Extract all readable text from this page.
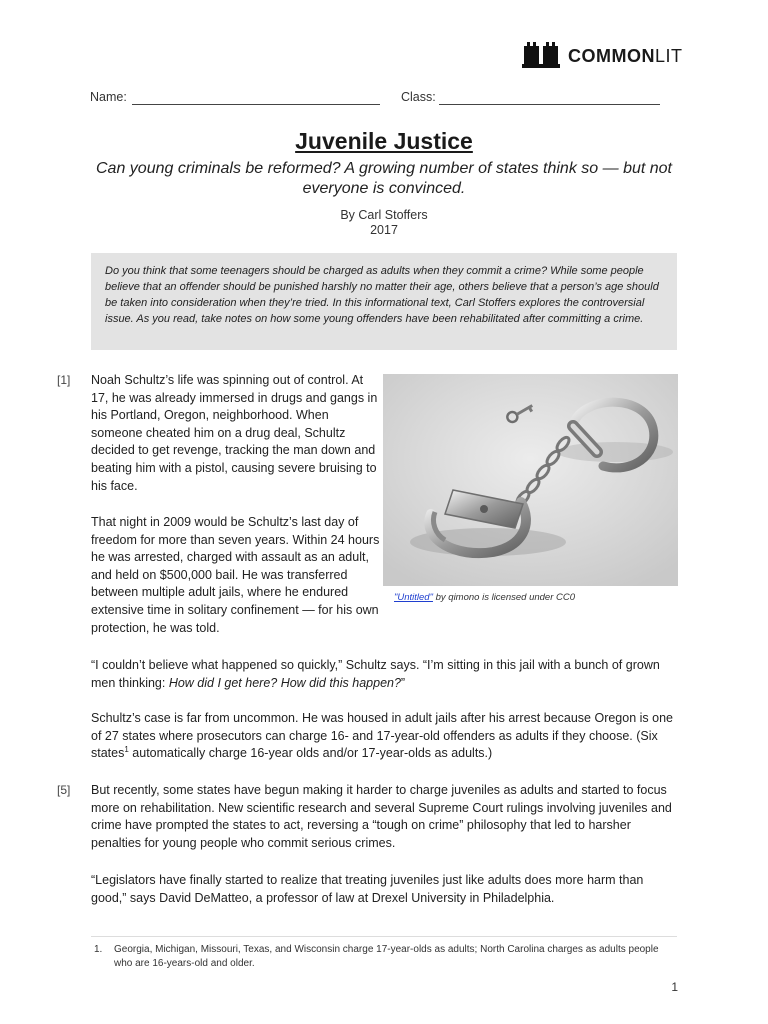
COMMONLIT
Name:	Class:
Juvenile Justice
Can young criminals be reformed? A growing number of states think so — but not everyone is convinced.
By Carl Stoffers
2017
Do you think that some teenagers should be charged as adults when they commit a crime? While some people believe that an offender should be punished harshly no matter their age, others believe that a person’s age should be taken into consideration when they’re tried. In this informational text, Carl Stoffers explores the controversial issue. As you read, take notes on how some young offenders have been rehabilitated after committing a crime.
[1] Noah Schultz’s life was spinning out of control. At 17, he was already immersed in drugs and gangs in his Portland, Oregon, neighborhood. When someone cheated him on a drug deal, Schultz decided to get revenge, tracking the man down and beating him with a pistol, causing severe bruising to his face.
That night in 2009 would be Schultz’s last day of freedom for more than seven years. Within 24 hours he was arrested, charged with assault as an adult, and held on $500,000 bail. He was transferred between multiple adult jails, where he endured extensive time in solitary confinement — for his own protection, he was told.
"Untitled" by qimono is licensed under CC0
“I couldn’t believe what happened so quickly,” Schultz says. “I’m sitting in this jail with a bunch of grown men thinking: How did I get here? How did this happen?”
Schultz’s case is far from uncommon. He was housed in adult jails after his arrest because Oregon is one of 27 states where prosecutors can charge 16- and 17-year-old offenders as adults if they choose. (Six states$^1$ automatically charge 16-year olds and/or 17-year-olds as adults.)
[5] But recently, some states have begun making it harder to charge juveniles as adults and started to focus more on rehabilitation. New scientific research and several Supreme Court rulings involving juveniles and crime have prompted the states to act, reversing a “tough on crime” philosophy that led to harsher penalties for young people who commit serious crimes.
“Legislators have finally started to realize that treating juveniles just like adults does more harm than good,” says David DeMatteo, a professor of law at Drexel University in Philadelphia.
1. Georgia, Michigan, Missouri, Texas, and Wisconsin charge 17-year-olds as adults; North Carolina charges as adults people who are 16-years-old and older.
1
